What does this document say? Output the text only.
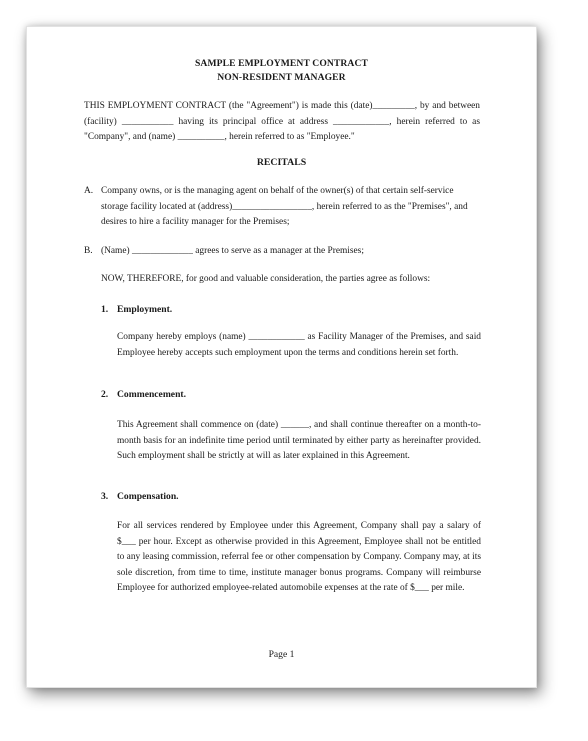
SAMPLE EMPLOYMENT CONTRACT
NON-RESIDENT MANAGER
THIS EMPLOYMENT CONTRACT (the "Agreement") is made this (date)_________, by and between (facility) ___________ having its principal office at address ____________, herein referred to as "Company", and (name) __________, herein referred to as "Employee."
RECITALS
A. Company owns, or is the managing agent on behalf of the owner(s) of that certain self-service storage facility located at (address)_________________, herein referred to as the "Premises", and desires to hire a facility manager for the Premises;
B. (Name) _____________ agrees to serve as a manager at the Premises;
NOW, THEREFORE, for good and valuable consideration, the parties agree as follows:
1. Employment.
Company hereby employs (name) ____________ as Facility Manager of the Premises, and said Employee hereby accepts such employment upon the terms and conditions herein set forth.
2. Commencement.
This Agreement shall commence on (date) ______, and shall continue thereafter on a month-to-month basis for an indefinite time period until terminated by either party as hereinafter provided. Such employment shall be strictly at will as later explained in this Agreement.
3. Compensation.
For all services rendered by Employee under this Agreement, Company shall pay a salary of $___ per hour. Except as otherwise provided in this Agreement, Employee shall not be entitled to any leasing commission, referral fee or other compensation by Company. Company may, at its sole discretion, from time to time, institute manager bonus programs. Company will reimburse Employee for authorized employee-related automobile expenses at the rate of $___ per mile.
Page 1
